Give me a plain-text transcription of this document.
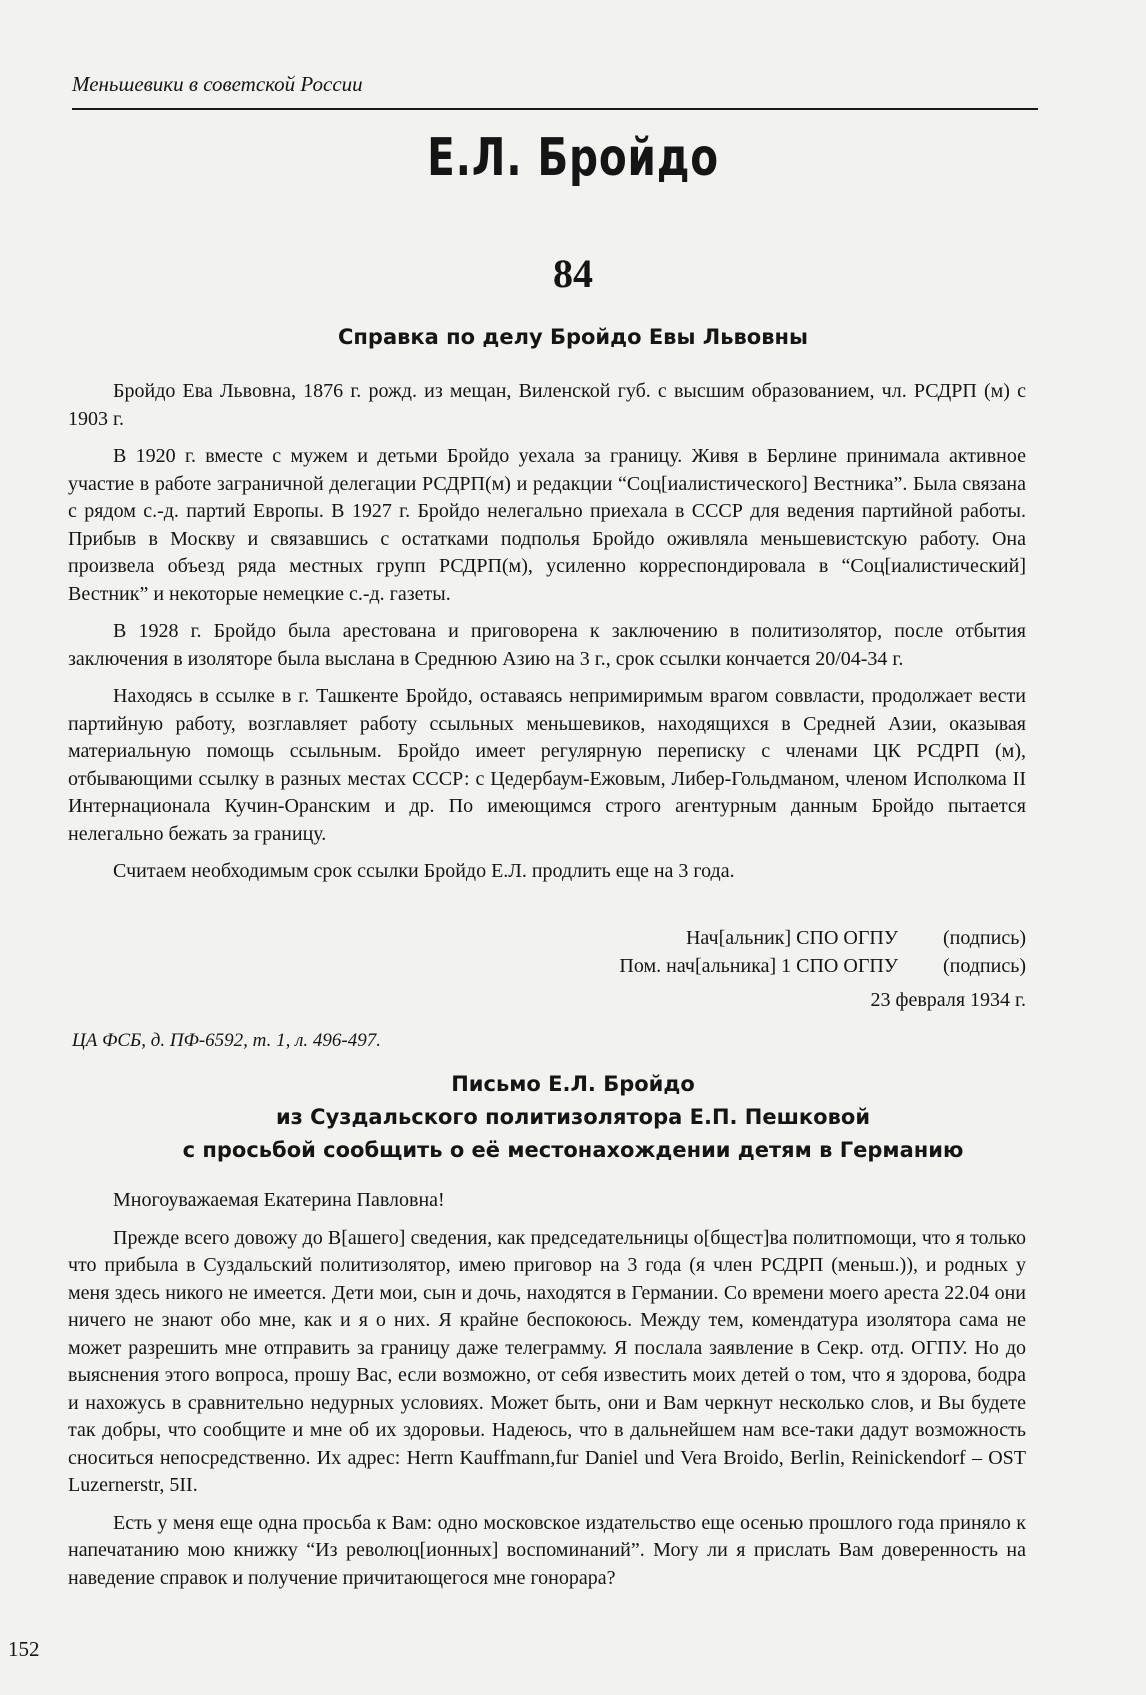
Меньшевики в советской России
Е.Л. Бройдо
84
Справка по делу Бройдо Евы Львовны

Бройдо Ева Львовна, 1876 г. рожд. из мещан, Виленской губ. с высшим образованием, чл. РСДРП (м) с 1903 г.

В 1920 г. вместе с мужем и детьми Бройдо уехала за границу. Живя в Берлине принимала активное участие в работе заграничной делегации РСДРП(м) и редакции “Соц[иалистического] Вестника”. Была связана с рядом с.-д. партий Европы. В 1927 г. Бройдо нелегально приехала в СССР для ведения партийной работы. Прибыв в Москву и связавшись с остатками подполья Бройдо оживляла меньшевистскую работу. Она произвела объезд ряда местных групп РСДРП(м), усиленно корреспондировала в “Соц[иалистический] Вестник” и некоторые немецкие с.-д. газеты.

В 1928 г. Бройдо была арестована и приговорена к заключению в политизолятор, после отбытия заключения в изоляторе была выслана в Среднюю Азию на 3 г., срок ссылки кончается 20/04-34 г.

Находясь в ссылке в г. Ташкенте Бройдо, оставаясь непримиримым врагом соввласти, продолжает вести партийную работу, возглавляет работу ссыльных меньшевиков, находящихся в Средней Азии, оказывая материальную помощь ссыльным. Бройдо имеет регулярную переписку с членами ЦК РСДРП (м), отбывающими ссылку в разных местах СССР: с Цедербаум-Ежовым, Либер-Гольдманом, членом Исполкома II Интернационала Кучин-Оранским и др. По имеющимся строго агентурным данным Бройдо пытается нелегально бежать за границу.

Считаем необходимым срок ссылки Бройдо Е.Л. продлить еще на 3 года.

Нач[альник] СПО ОГПУ	(подпись)
Пом. нач[альника] 1 СПО ОГПУ	(подпись)
23 февраля 1934 г.
ЦА ФСБ, д. ПФ-6592, т. 1, л. 496-497.
Письмо Е.Л. Бройдо
из Суздальского политизолятора Е.П. Пешковой
с просьбой сообщить о её местонахождении детям в Германию

Многоуважаемая Екатерина Павловна!

Прежде всего довожу до В[ашего] сведения, как председательницы о[бщест]ва политпомощи, что я только что прибыла в Суздальский политизолятор, имею приговор на 3 года (я член РСДРП (меньш.)), и родных у меня здесь никого не имеется. Дети мои, сын и дочь, находятся в Германии. Со времени моего ареста 22.04 они ничего не знают обо мне, как и я о них. Я крайне беспокоюсь. Между тем, комендатура изолятора сама не может разрешить мне отправить за границу даже телеграмму. Я послала заявление в Секр. отд. ОГПУ. Но до выяснения этого вопроса, прошу Вас, если возможно, от себя известить моих детей о том, что я здорова, бодра и нахожусь в сравнительно недурных условиях. Может быть, они и Вам черкнут несколько слов, и Вы будете так добры, что сообщите и мне об их здоровьи. Надеюсь, что в дальнейшем нам все-таки дадут возможность сноситься непосредственно. Их адрес: Herrn Kauffmann,fur Daniel und Vera Broido, Berlin, Reinickendorf – OST Luzernerstr, 5II.

Есть у меня еще одна просьба к Вам: одно московское издательство еще осенью прошлого года приняло к напечатанию мою книжку “Из революц[ионных] воспоминаний”. Могу ли я прислать Вам доверенность на наведение справок и получение причитающегося мне гонорара?

152
